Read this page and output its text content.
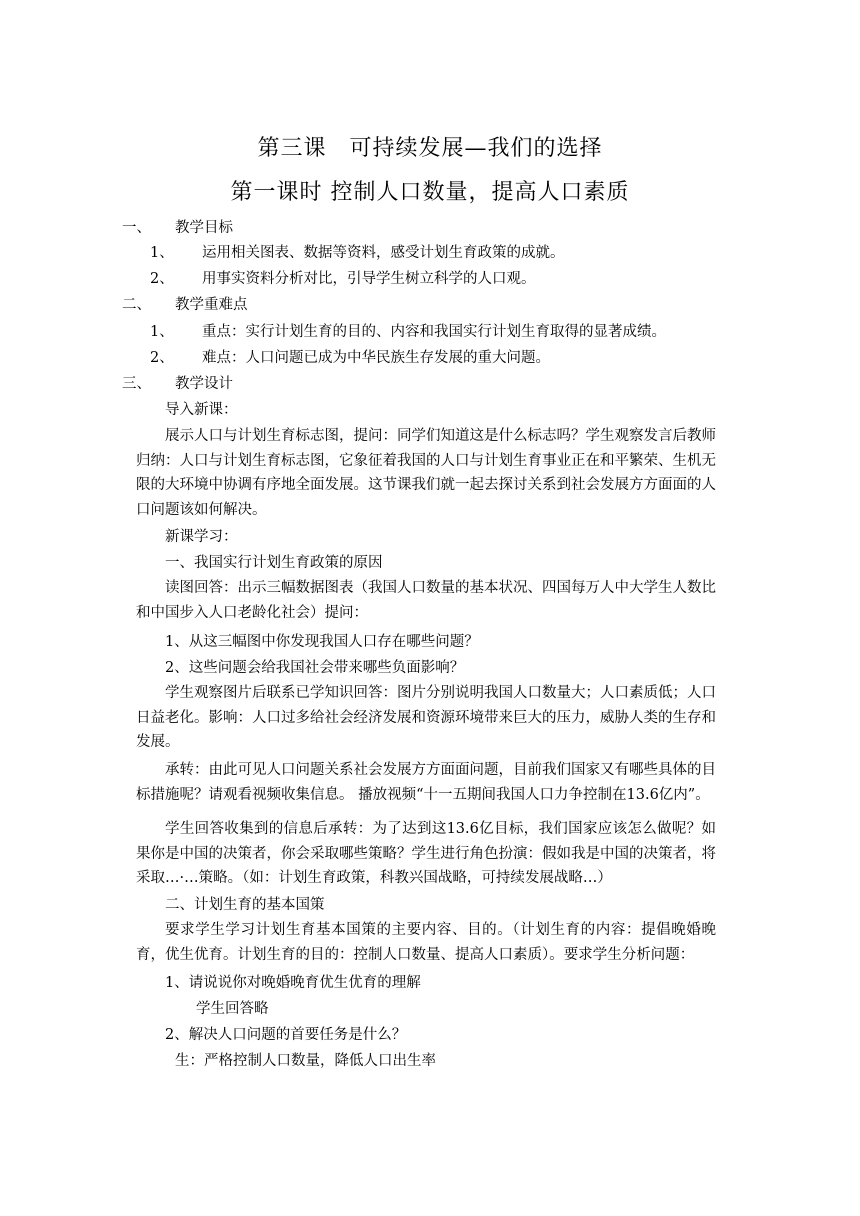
第三课　可持续发展—我们的选择
第一课时 控制人口数量，提高人口素质
一、 教学目标
1、 运用相关图表、数据等资料，感受计划生育政策的成就。
2、 用事实资料分析对比，引导学生树立科学的人口观。
二、 教学重难点
1、 重点：实行计划生育的目的、内容和我国实行计划生育取得的显著成绩。
2、 难点：人口问题已成为中华民族生存发展的重大问题。
三、 教学设计
导入新课：
展示人口与计划生育标志图，提问：同学们知道这是什么标志吗？学生观察发言后教师归纳：人口与计划生育标志图，它象征着我国的人口与计划生育事业正在和平繁荣、生机无限的大环境中协调有序地全面发展。这节课我们就一起去探讨关系到社会发展方方面面的人口问题该如何解决。
新课学习：
一、我国实行计划生育政策的原因
读图回答：出示三幅数据图表（我国人口数量的基本状况、四国每万人中大学生人数比和中国步入人口老龄化社会）提问：
1、从这三幅图中你发现我国人口存在哪些问题？
2、这些问题会给我国社会带来哪些负面影响？
学生观察图片后联系已学知识回答：图片分别说明我国人口数量大；人口素质低；人口日益老化。影响：人口过多给社会经济发展和资源环境带来巨大的压力，威胁人类的生存和发展。
承转：由此可见人口问题关系社会发展方方面面问题，目前我们国家又有哪些具体的目标措施呢？请观看视频收集信息。 播放视频“十一五期间我国人口力争控制在13.6亿内”。
学生回答收集到的信息后承转：为了达到这13.6亿目标，我们国家应该怎么做呢？如果你是中国的决策者，你会采取哪些策略？学生进行角色扮演：假如我是中国的决策者，将采取…·…策略。（如：计划生育政策，科教兴国战略，可持续发展战略…）
二、计划生育的基本国策
要求学生学习计划生育基本国策的主要内容、目的。（计划生育的内容：提倡晚婚晚育，优生优育。计划生育的目的：控制人口数量、提高人口素质）。要求学生分析问题：
1、请说说你对晚婚晚育优生优育的理解
学生回答略
2、解决人口问题的首要任务是什么？
生：严格控制人口数量，降低人口出生率
